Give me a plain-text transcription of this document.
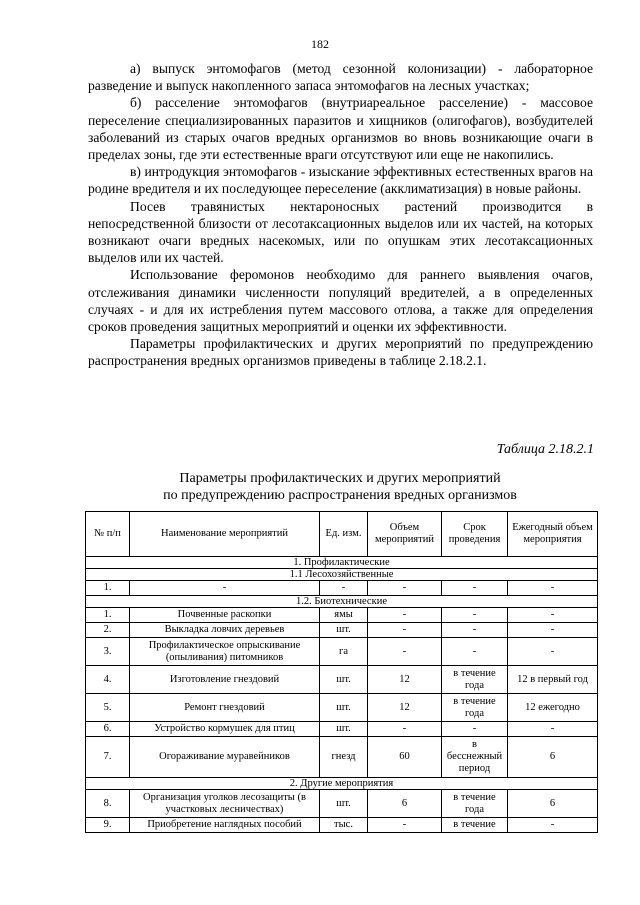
182

а) выпуск энтомофагов (метод сезонной колонизации) - лабораторное разведение и выпуск накопленного запаса энтомофагов на лесных участках;

б) расселение энтомофагов (внутриареальное расселение) - массовое переселение специализированных паразитов и хищников (олигофагов), возбудителей заболеваний из старых очагов вредных организмов во вновь возникающие очаги в пределах зоны, где эти естественные враги отсутствуют или еще не накопились.

в) интродукция энтомофагов - изыскание эффективных естественных врагов на родине вредителя и их последующее переселение (акклиматизация) в новые районы.

Посев травянистых нектароносных растений производится в непосредственной близости от лесотаксационных выделов или их частей, на которых возникают очаги вредных насекомых, или по опушкам этих лесотаксационных выделов или их частей.

Использование феромонов необходимо для раннего выявления очагов, отслеживания динамики численности популяций вредителей, а в определенных случаях - и для их истребления путем массового отлова, а также для определения сроков проведения защитных мероприятий и оценки их эффективности.

Параметры профилактических и других мероприятий по предупреждению распространения вредных организмов приведены в таблице 2.18.2.1.

Таблица 2.18.2.1
Параметры профилактических и других мероприятий
по предупреждению распространения вредных организмов
№ п/п	Наименование мероприятий	Ед. изм.	Объем мероприятий	Срок проведения	Ежегодный объем мероприятия
1. Профилактические					
1.1 Лесохозяйственные					
1.	-	-	-	-	-
1.2. Биотехнические					
1.	Почвенные раскопки	ямы	-	-	-
2.	Выкладка ловчих деревьев	шт.	-	-	-
3.	Профилактическое опрыскивание (опыливания) питомников	га	-	-	-
4.	Изготовление гнездовий	шт.	12	в течение года	12 в первый год
5.	Ремонт гнездовий	шт.	12	в течение года	12 ежегодно
6.	Устройство кормушек для птиц	шт.	-	-	-
7.	Огораживание муравейников	гнезд	60	в бесснежный период	6
2. Другие мероприятия					
8.	Организация уголков лесозащиты (в участковых лесничествах)	шт.	6	в течение года	6
9.	Приобретение наглядных пособий	тыс.	-	в течение	-
